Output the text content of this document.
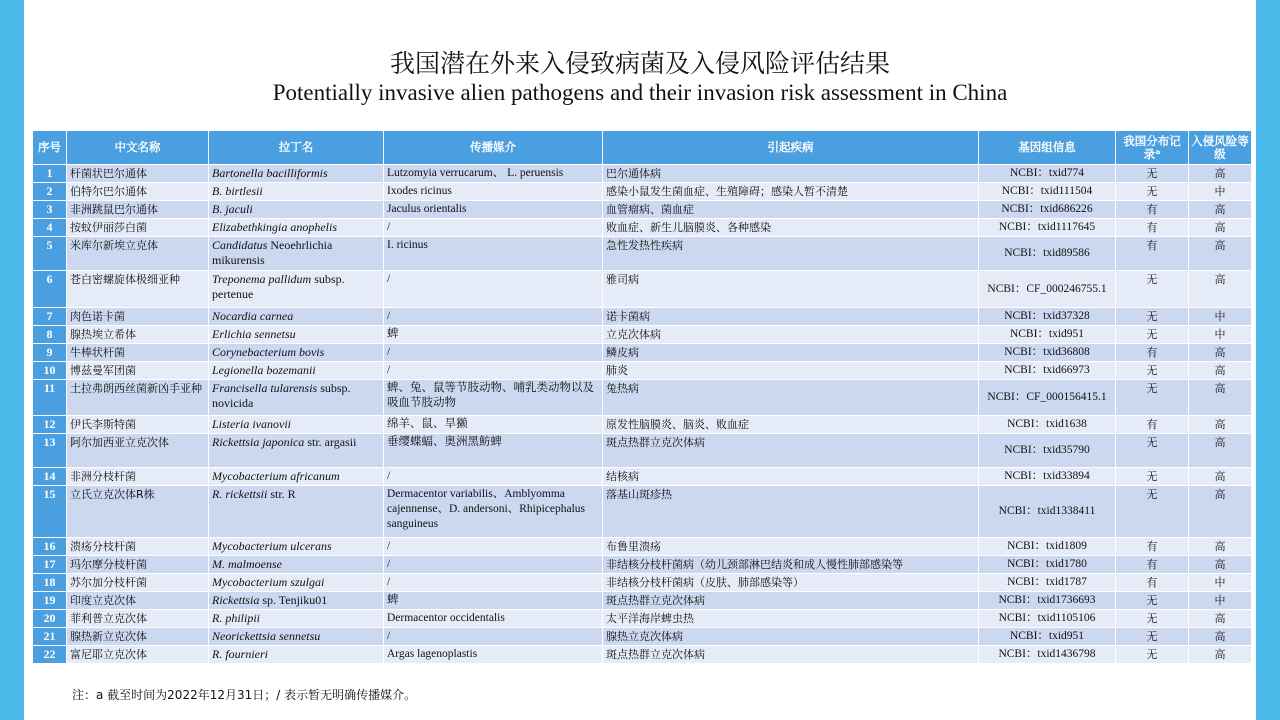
我国潜在外来入侵致病菌及入侵风险评估结果
Potentially invasive alien pathogens and their invasion risk assessment in China
序号	中文名称	拉丁名	传播媒介	引起疾病	基因组信息	我国分布记录ᵃ	入侵风险等级
1	杆菌状巴尔通体	Bartonella bacilliformis	Lutzomyia verrucarum、 L. peruensis	巴尔通体病	NCBI：txid774	无	高
2	伯特尔巴尔通体	B. birtlesii	Ixodes ricinus	感染小鼠发生菌血症、生殖障碍；感染人暂不清楚	NCBI：txid111504	无	中
3	非洲跳鼠巴尔通体	B. jaculi	Jaculus orientalis	血管瘤病、菌血症	NCBI：txid686226	有	高
4	按蚊伊丽莎白菌	Elizabethkingia anophelis	/	败血症、新生儿脑膜炎、各种感染	NCBI：txid1117645	有	高
5	米库尔新埃立克体	Candidatus Neoehrlichia mikurensis	I. ricinus	急性发热性疾病	NCBI：txid89586	有	高
6	苍白密螺旋体极细亚种	Treponema pallidum subsp. pertenue	/	雅司病	NCBI：CF_000246755.1	无	高
7	肉色诺卡菌	Nocardia carnea	/	诺卡菌病	NCBI：txid37328	无	中
8	腺热埃立希体	Erlichia sennetsu	蜱	立克次体病	NCBI：txid951	无	中
9	牛棒状杆菌	Corynebacterium bovis	/	鳞皮病	NCBI：txid36808	有	高
10	博兹曼军团菌	Legionella bozemanii	/	肺炎	NCBI：txid66973	无	高
11	土拉弗朗西丝菌新凶手亚种	Francisella tularensis subsp. novicida	蜱、兔、鼠等节肢动物、哺乳类动物以及吸血节肢动物	兔热病	NCBI：CF_000156415.1	无	高
12	伊氏李斯特菌	Listeria ivanovii	绵羊、鼠、旱獭	原发性脑膜炎、脑炎、败血症	NCBI：txid1638	有	高
13	阿尔加西亚立克次体	Rickettsia japonica str. argasii	垂缨蝶蝠、奥洲黑鲂蜱	斑点热群立克次体病	NCBI：txid35790	无	高
14	非洲分枝杆菌	Mycobacterium africanum	/	结核病	NCBI：txid33894	无	高
15	立氏立克次体R株	R. rickettsii str. R	Dermacentor variabilis、Amblyomma cajennense、D. andersoni、Rhipicephalus sanguineus	落基山斑疹热	NCBI：txid1338411	无	高
16	溃疡分枝杆菌	Mycobacterium ulcerans	/	布鲁里溃疡	NCBI：txid1809	有	高
17	玛尔摩分枝杆菌	M. malmoense	/	非结核分枝杆菌病（幼儿颈部淋巴结炎和成人慢性肺部感染等	NCBI：txid1780	有	高
18	苏尔加分枝杆菌	Mycobacterium szulgai	/	非结核分枝杆菌病（皮肤、肺部感染等）	NCBI：txid1787	有	中
19	印度立克次体	Rickettsia sp. Tenjiku01	蜱	斑点热群立克次体病	NCBI：txid1736693	无	中
20	菲利普立克次体	R. philipii	Dermacentor occidentalis	太平洋海岸蜱虫热	NCBI：txid1105106	无	高
21	腺热新立克次体	Neorickettsia sennetsu	/	腺热立克次体病	NCBI：txid951	无	高
22	富尼耶立克次体	R. fournieri	Argas lagenoplastis	斑点热群立克次体病	NCBI：txid1436798	无	高
注：a 截至时间为2022年12月31日；/ 表示暂无明确传播媒介。
